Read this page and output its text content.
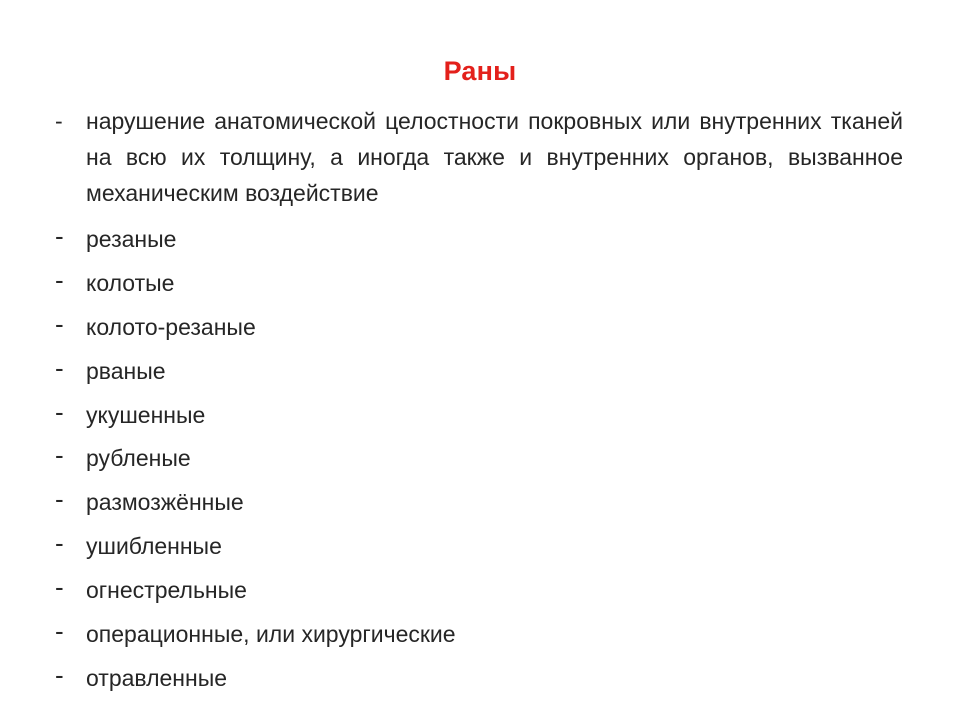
Раны
- нарушение анатомической целостности покровных или внутренних тканей на всю их толщину, а иногда также и внутренних органов, вызванное механическим воздействие
- резаные
- колотые
- колото-резаные
- рваные
- укушенные
- рубленые
- размозжённые
- ушибленные
- огнестрельные
- операционные, или хирургические
- отравленные
